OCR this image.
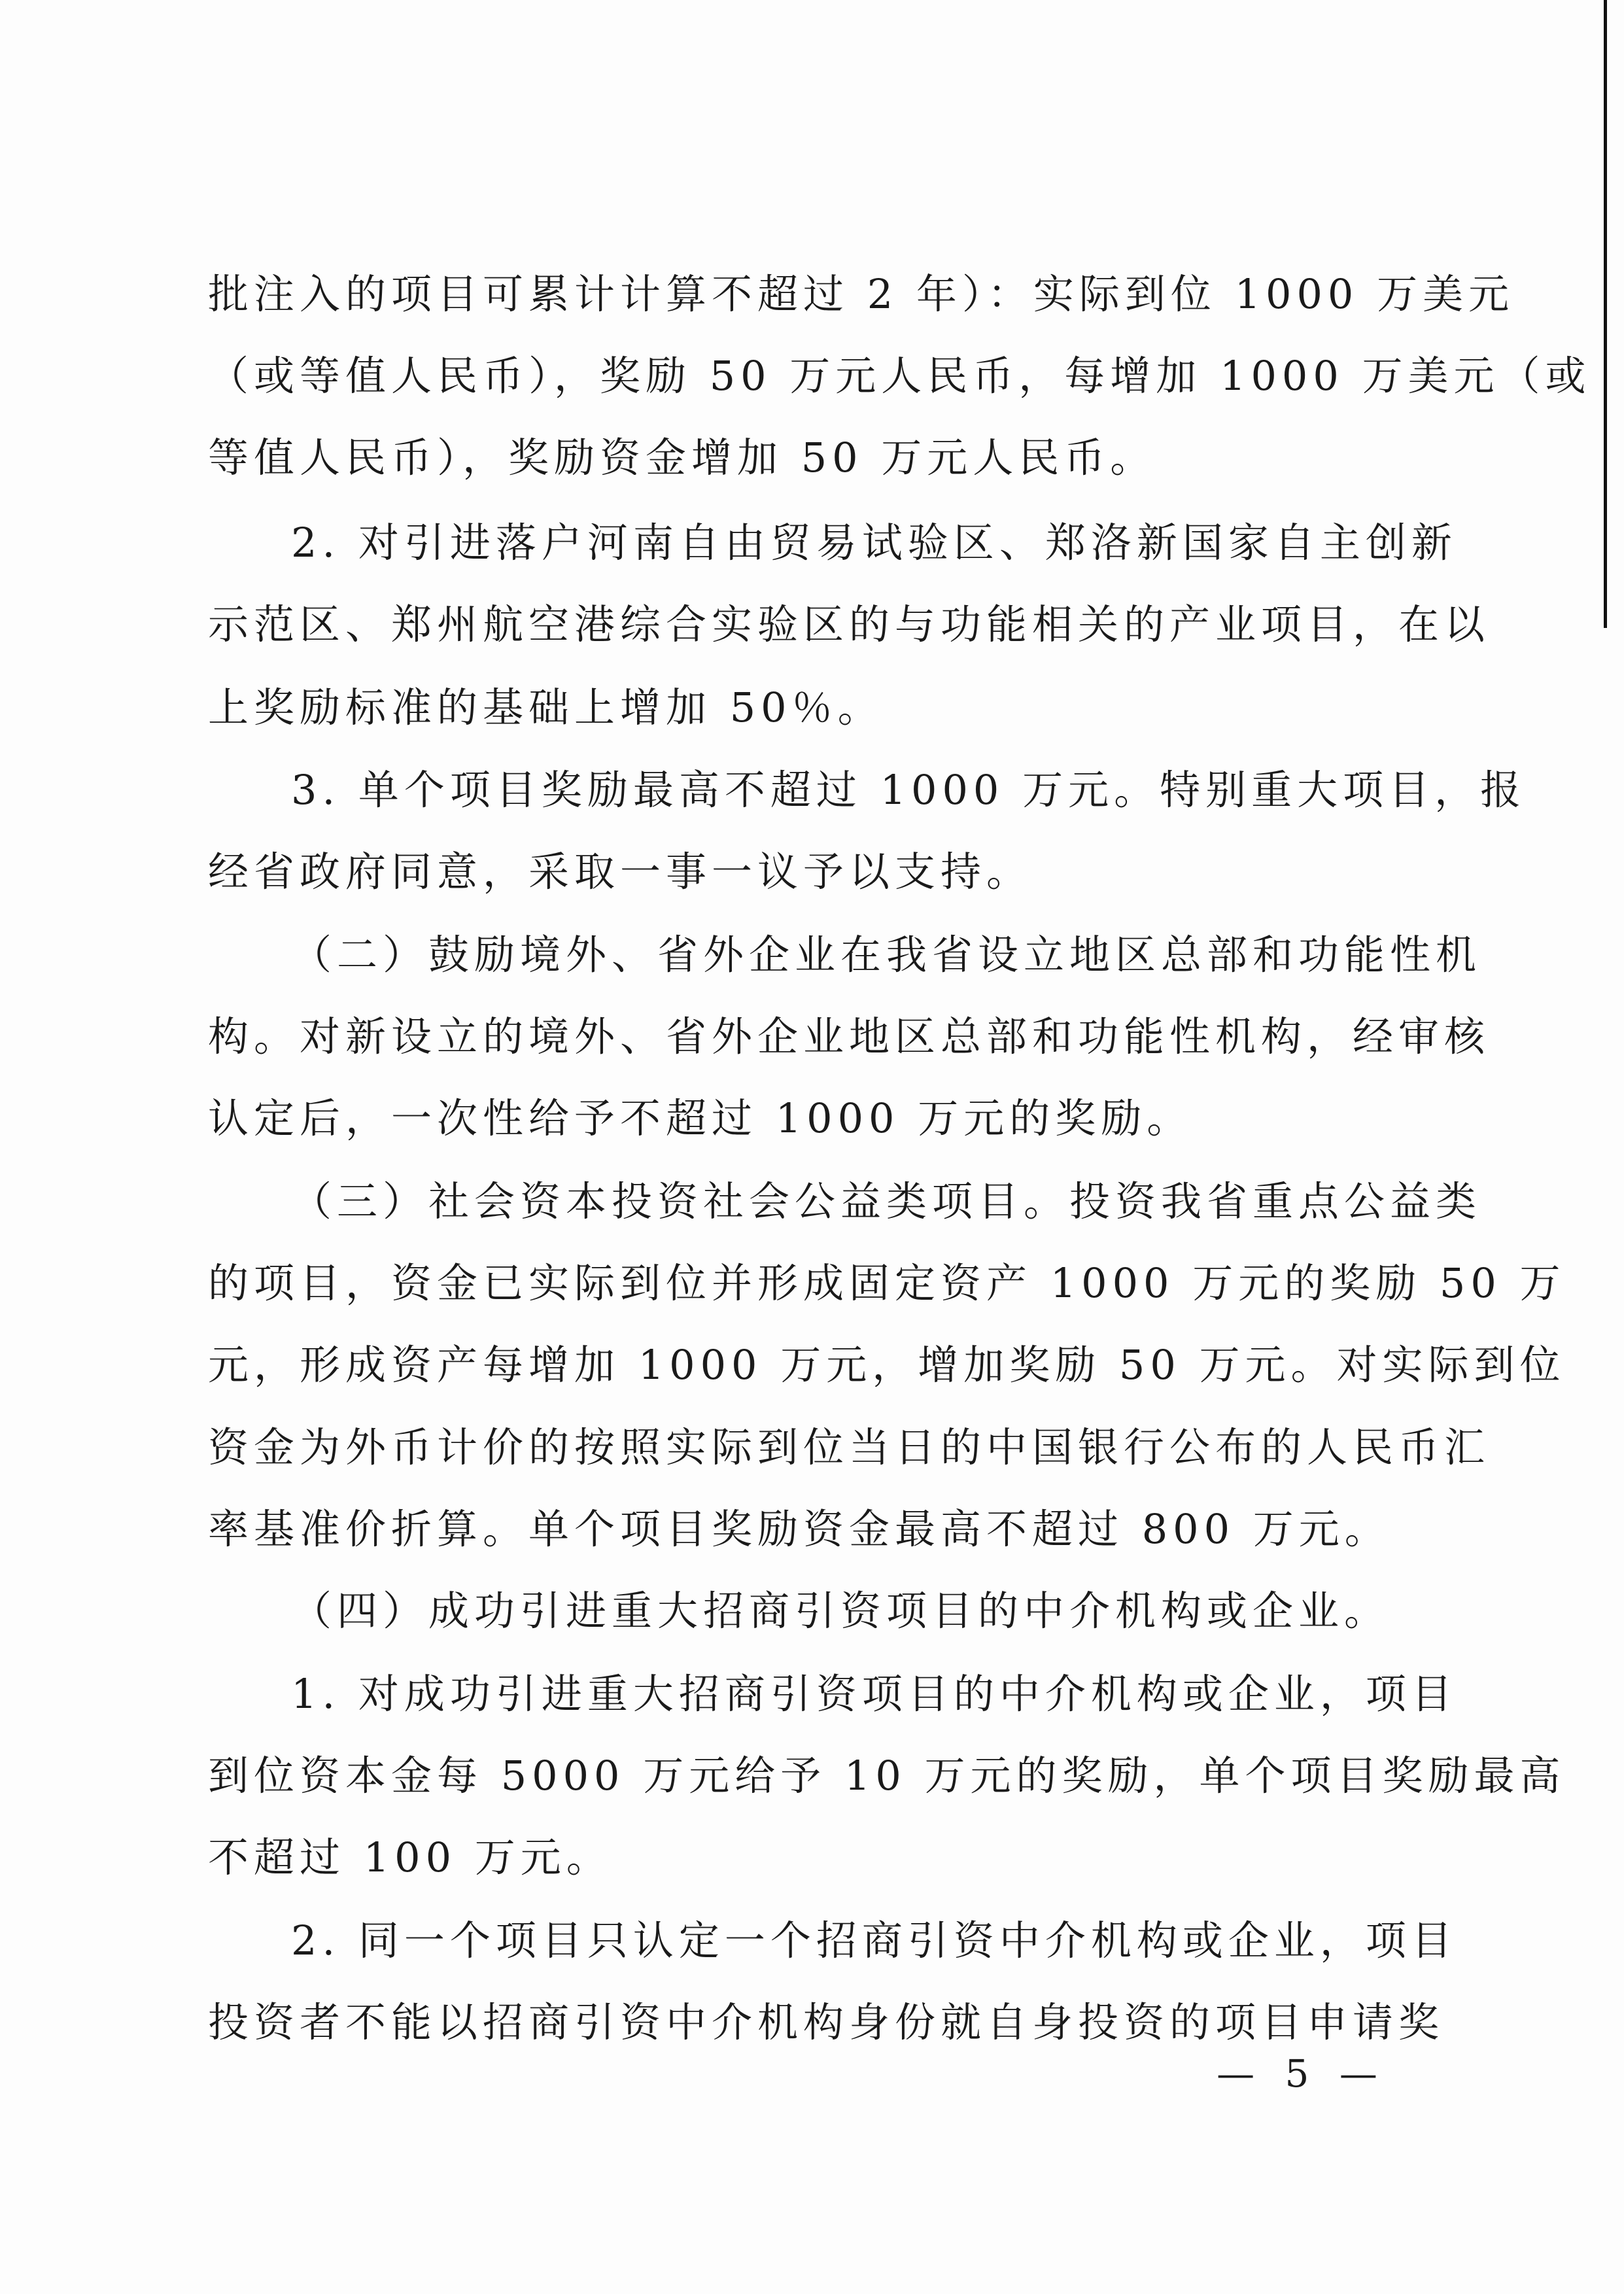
批注入的项目可累计计算不超过 2 年）：实际到位 1000 万美元
（或等值人民币），奖励 50 万元人民币，每增加 1000 万美元（或
等值人民币），奖励资金增加 50 万元人民币。
2. 对引进落户河南自由贸易试验区、郑洛新国家自主创新
示范区、郑州航空港综合实验区的与功能相关的产业项目，在以
上奖励标准的基础上增加 50％。
3. 单个项目奖励最高不超过 1000 万元。特别重大项目，报
经省政府同意，采取一事一议予以支持。
（二）鼓励境外、省外企业在我省设立地区总部和功能性机
构。对新设立的境外、省外企业地区总部和功能性机构，经审核
认定后，一次性给予不超过 1000 万元的奖励。
（三）社会资本投资社会公益类项目。投资我省重点公益类
的项目，资金已实际到位并形成固定资产 1000 万元的奖励 50 万
元，形成资产每增加 1000 万元，增加奖励 50 万元。对实际到位
资金为外币计价的按照实际到位当日的中国银行公布的人民币汇
率基准价折算。单个项目奖励资金最高不超过 800 万元。
（四）成功引进重大招商引资项目的中介机构或企业。
1. 对成功引进重大招商引资项目的中介机构或企业，项目
到位资本金每 5000 万元给予 10 万元的奖励，单个项目奖励最高
不超过 100 万元。
2. 同一个项目只认定一个招商引资中介机构或企业，项目
投资者不能以招商引资中介机构身份就自身投资的项目申请奖
— 5 —
